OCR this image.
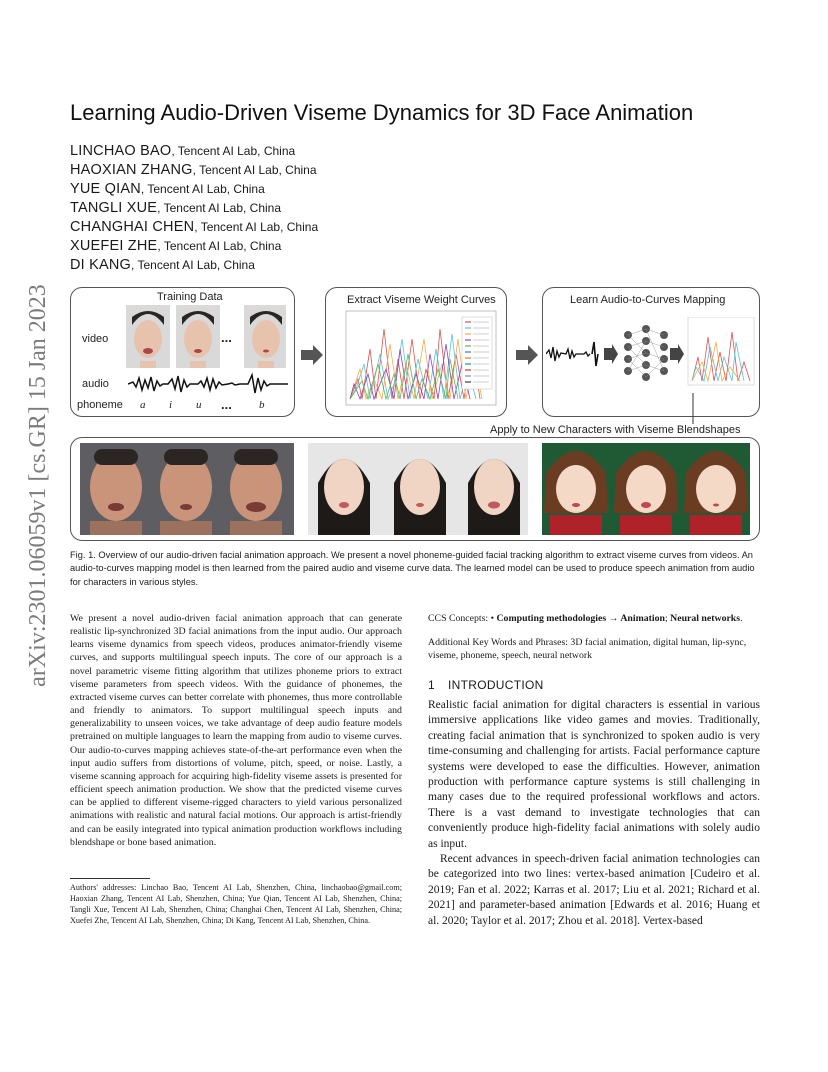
arXiv:2301.06059v1 [cs.GR] 15 Jan 2023
Learning Audio-Driven Viseme Dynamics for 3D Face Animation
LINCHAO BAO, Tencent AI Lab, China
HAOXIAN ZHANG, Tencent AI Lab, China
YUE QIAN, Tencent AI Lab, China
TANGLI XUE, Tencent AI Lab, China
CHANGHAI CHEN, Tencent AI Lab, China
XUEFEI ZHE, Tencent AI Lab, China
DI KANG, Tencent AI Lab, China
Training Data
video
audio
phoneme
...
a i u ... b
Extract Viseme Weight Curves	Learn Audio-to-Curves Mapping
Apply to New Characters with Viseme Blendshapes
Fig. 1. Overview of our audio-driven facial animation approach. We present a novel phoneme-guided facial tracking algorithm to extract viseme curves from videos. An audio-to-curves mapping model is then learned from the paired audio and viseme curve data. The learned model can be used to produce speech animation from audio for characters in various styles.
We present a novel audio-driven facial animation approach that can generate realistic lip-synchronized 3D facial animations from the input audio. Our approach learns viseme dynamics from speech videos, produces animator-friendly viseme curves, and supports multilingual speech inputs. The core of our approach is a novel parametric viseme fitting algorithm that utilizes phoneme priors to extract viseme parameters from speech videos. With the guidance of phonemes, the extracted viseme curves can better correlate with phonemes, thus more controllable and friendly to animators. To support multilingual speech inputs and generalizability to unseen voices, we take advantage of deep audio feature models pretrained on multiple languages to learn the mapping from audio to viseme curves. Our audio-to-curves mapping achieves state-of-the-art performance even when the input audio suffers from distortions of volume, pitch, speed, or noise. Lastly, a viseme scanning approach for acquiring high-fidelity viseme assets is presented for efficient speech animation production. We show that the predicted viseme curves can be applied to different viseme-rigged characters to yield various personalized animations with realistic and natural facial motions. Our approach is artist-friendly and can be easily integrated into typical animation production workflows including blendshape or bone based animation.
Authors' addresses: Linchao Bao, Tencent AI Lab, Shenzhen, China, linchaobao@gmail.com; Haoxian Zhang, Tencent AI Lab, Shenzhen, China; Yue Qian, Tencent AI Lab, Shenzhen, China; Tangli Xue, Tencent AI Lab, Shenzhen, China; Changhai Chen, Tencent AI Lab, Shenzhen, China; Xuefei Zhe, Tencent AI Lab, Shenzhen, China; Di Kang, Tencent AI Lab, Shenzhen, China.
CCS Concepts: • Computing methodologies → Animation; Neural networks.
Additional Key Words and Phrases: 3D facial animation, digital human, lip-sync, viseme, phoneme, speech, neural network
1 INTRODUCTION

Realistic facial animation for digital characters is essential in various immersive applications like video games and movies. Traditionally, creating facial animation that is synchronized to spoken audio is very time-consuming and challenging for artists. Facial performance capture systems were developed to ease the difficulties. However, animation production with performance capture systems is still challenging in many cases due to the required professional workflows and actors. There is a vast demand to investigate technologies that can conveniently produce high-fidelity facial animations with solely audio as input.

Recent advances in speech-driven facial animation technologies can be categorized into two lines: vertex-based animation [Cudeiro et al. 2019; Fan et al. 2022; Karras et al. 2017; Liu et al. 2021; Richard et al. 2021] and parameter-based animation [Edwards et al. 2016; Huang et al. 2020; Taylor et al. 2017; Zhou et al. 2018]. Vertex-based
